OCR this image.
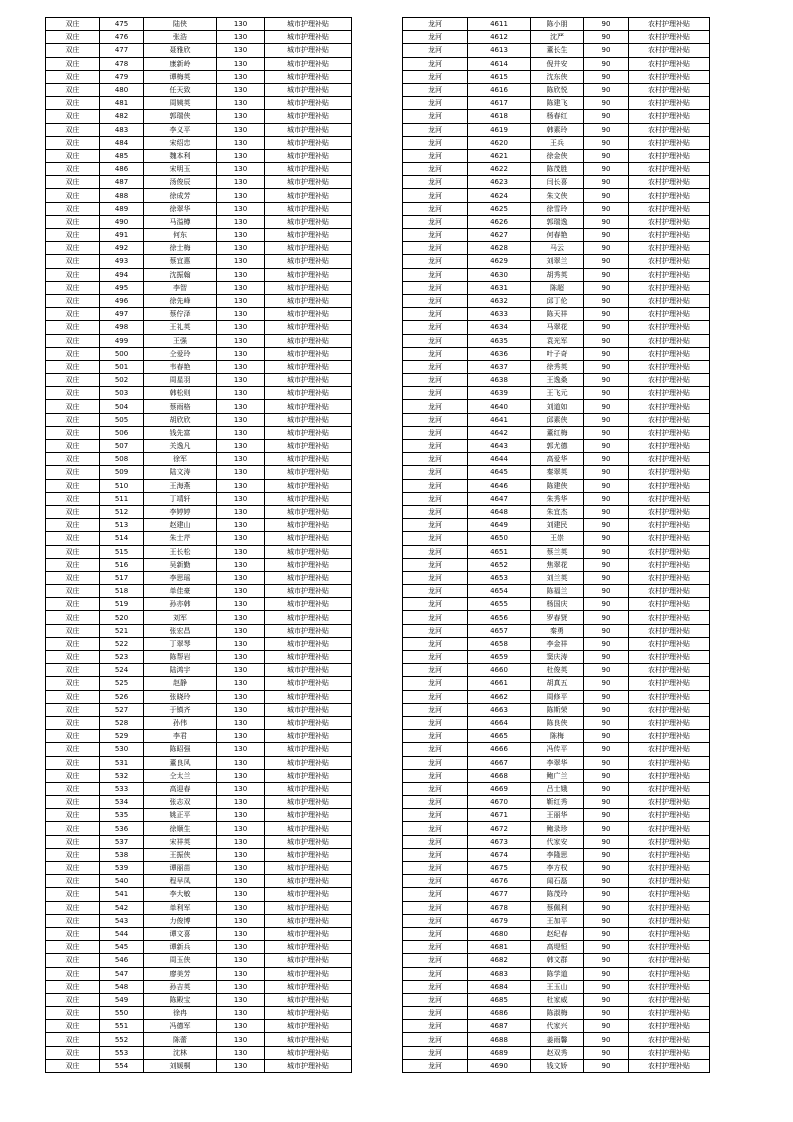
双庄	475	陆侠	130	城市护理补贴
双庄	476	张浩	130	城市护理补贴
双庄	477	聂雅欣	130	城市护理补贴
双庄	478	康新岭	130	城市护理补贴
双庄	479	谭梅英	130	城市护理补贴
双庄	480	任天致	130	城市护理补贴
双庄	481	周姨英	130	城市护理补贴
双庄	482	郭瑞侠	130	城市护理补贴
双庄	483	李义平	130	城市护理补贴
双庄	484	宋绍忠	130	城市护理补贴
双庄	485	魏本利	130	城市护理补贴
双庄	486	宋明玉	130	城市护理补贴
双庄	487	汤俊辰	130	城市护理补贴
双庄	488	徐成芳	130	城市护理补贴
双庄	489	徐翠华	130	城市护理补贴
双庄	490	马溢樽	130	城市护理补贴
双庄	491	何东	130	城市护理补贴
双庄	492	徐士梅	130	城市护理补贴
双庄	493	蔡宜惠	130	城市护理补贴
双庄	494	沈振翰	130	城市护理补贴
双庄	495	李智	130	城市护理补贴
双庄	496	徐先峰	130	城市护理补贴
双庄	497	蔡佇泽	130	城市护理补贴
双庄	498	王礼英	130	城市护理补贴
双庄	499	王强	130	城市护理补贴
双庄	500	仝爱玲	130	城市护理补贴
双庄	501	韦春艳	130	城市护理补贴
双庄	502	周星羽	130	城市护理补贴
双庄	503	韩松则	130	城市护理补贴
双庄	504	蔡雨格	130	城市护理补贴
双庄	505	胡欣欣	130	城市护理补贴
双庄	506	钱先富	130	城市护理补贴
双庄	507	关逸凡	130	城市护理补贴
双庄	508	徐军	130	城市护理补贴
双庄	509	陆文涛	130	城市护理补贴
双庄	510	王海燕	130	城市护理补贴
双庄	511	丁靖轩	130	城市护理补贴
双庄	512	李婷婷	130	城市护理补贴
双庄	513	赵建山	130	城市护理补贴
双庄	514	朱士芹	130	城市护理补贴
双庄	515	王长松	130	城市护理补贴
双庄	516	吴新勤	130	城市护理补贴
双庄	517	李思瑶	130	城市护理补贴
双庄	518	单佳豪	130	城市护理补贴
双庄	519	孙亦韩	130	城市护理补贴
双庄	520	刘军	130	城市护理补贴
双庄	521	张宏昌	130	城市护理补贴
双庄	522	丁翠琴	130	城市护理补贴
双庄	523	陈帮岩	130	城市护理补贴
双庄	524	陆鸿宇	130	城市护理补贴
双庄	525	赵静	130	城市护理补贴
双庄	526	张晓玲	130	城市护理补贴
双庄	527	于镇齐	130	城市护理补贴
双庄	528	孙伟	130	城市护理补贴
双庄	529	李君	130	城市护理补贴
双庄	530	陈昭强	130	城市护理补贴
双庄	531	董良风	130	城市护理补贴
双庄	532	仝太兰	130	城市护理补贴
双庄	533	高迎春	130	城市护理补贴
双庄	534	张志双	130	城市护理补贴
双庄	535	姚正平	130	城市护理补贴
双庄	536	徐顺生	130	城市护理补贴
双庄	537	宋祥英	130	城市护理补贴
双庄	538	王振侠	130	城市护理补贴
双庄	539	谭丽苗	130	城市护理补贴
双庄	540	程早凤	130	城市护理补贴
双庄	541	李大敏	130	城市护理补贴
双庄	542	单利军	130	城市护理补贴
双庄	543	力俊博	130	城市护理补贴
双庄	544	谭文喜	130	城市护理补贴
双庄	545	谭新兵	130	城市护理补贴
双庄	546	周玉侠	130	城市护理补贴
双庄	547	廖美芳	130	城市护理补贴
双庄	548	孙吉英	130	城市护理补贴
双庄	549	陈殿宝	130	城市护理补贴
双庄	550	徐冉	130	城市护理补贴
双庄	551	冯德军	130	城市护理补贴
双庄	552	陈蕾	130	城市护理补贴
双庄	553	沈林	130	城市护理补贴
双庄	554	刘媛桐	130	城市护理补贴
龙河	4611	陈小朋	90	农村护理补贴
龙河	4612	沈严	90	农村护理补贴
龙河	4613	董长生	90	农村护理补贴
龙河	4614	倪井安	90	农村护理补贴
龙河	4615	沈东侠	90	农村护理补贴
龙河	4616	陈欣悦	90	农村护理补贴
龙河	4617	陈建飞	90	农村护理补贴
龙河	4618	杨春红	90	农村护理补贴
龙河	4619	韩素玲	90	农村护理补贴
龙河	4620	王兵	90	农村护理补贴
龙河	4621	徐金侠	90	农村护理补贴
龙河	4622	陈茂胜	90	农村护理补贴
龙河	4623	闫长喜	90	农村护理补贴
龙河	4624	朱文侠	90	农村护理补贴
龙河	4625	徐雪玲	90	农村护理补贴
龙河	4626	郭瑞逸	90	农村护理补贴
龙河	4627	何春艳	90	农村护理补贴
龙河	4628	马云	90	农村护理补贴
龙河	4629	刘翠兰	90	农村护理补贴
龙河	4630	胡秀英	90	农村护理补贴
龙河	4631	陈超	90	农村护理补贴
龙河	4632	邱丁伦	90	农村护理补贴
龙河	4633	陈天祥	90	农村护理补贴
龙河	4634	马翠花	90	农村护理补贴
龙河	4635	袁光军	90	农村护理补贴
龙河	4636	叶子奇	90	农村护理补贴
龙河	4637	徐秀英	90	农村护理补贴
龙河	4638	王逸桑	90	农村护理补贴
龙河	4639	王飞元	90	农村护理补贴
龙河	4640	刘道如	90	农村护理补贴
龙河	4641	邱素侠	90	农村护理补贴
龙河	4642	董红梅	90	农村护理补贴
龙河	4643	郭尤德	90	农村护理补贴
龙河	4644	高爱华	90	农村护理补贴
龙河	4645	秦翠英	90	农村护理补贴
龙河	4646	陈建侠	90	农村护理补贴
龙河	4647	朱秀华	90	农村护理补贴
龙河	4648	朱宜杰	90	农村护理补贴
龙河	4649	刘建民	90	农村护理补贴
龙河	4650	王崇	90	农村护理补贴
龙河	4651	蔡兰英	90	农村护理补贴
龙河	4652	焦翠花	90	农村护理补贴
龙河	4653	刘兰英	90	农村护理补贴
龙河	4654	陈福兰	90	农村护理补贴
龙河	4655	杨国庆	90	农村护理补贴
龙河	4656	罗春贤	90	农村护理补贴
龙河	4657	秦勇	90	农村护理补贴
龙河	4658	李金祥	90	农村护理补贴
龙河	4659	窦庆涛	90	农村护理补贴
龙河	4660	杜俊英	90	农村护理补贴
龙河	4661	胡真五	90	农村护理补贴
龙河	4662	周修平	90	农村护理补贴
龙河	4663	陈斯荣	90	农村护理补贴
龙河	4664	陈良侠	90	农村护理补贴
龙河	4665	陈梅	90	农村护理补贴
龙河	4666	冯传平	90	农村护理补贴
龙河	4667	李翠华	90	农村护理补贴
龙河	4668	鲍广兰	90	农村护理补贴
龙河	4669	吕士娥	90	农村护理补贴
龙河	4670	靳红秀	90	农村护理补贴
龙河	4671	王丽华	90	农村护理补贴
龙河	4672	鲍录珍	90	农村护理补贴
龙河	4673	代家安	90	农村护理补贴
龙河	4674	李隆思	90	农村护理补贴
龙河	4675	李方权	90	农村护理补贴
龙河	4676	闻石磊	90	农村护理补贴
龙河	4677	陈茂玲	90	农村护理补贴
龙河	4678	蔡佩利	90	农村护理补贴
龙河	4679	王加平	90	农村护理补贴
龙河	4680	赵纪春	90	农村护理补贴
龙河	4681	高堤恒	90	农村护理补贴
龙河	4682	韩文群	90	农村护理补贴
龙河	4683	陈学道	90	农村护理补贴
龙河	4684	王玉山	90	农村护理补贴
龙河	4685	杜家威	90	农村护理补贴
龙河	4686	陈淑梅	90	农村护理补贴
龙河	4687	代家兴	90	农村护理补贴
龙河	4688	姜雨馨	90	农村护理补贴
龙河	4689	赵双秀	90	农村护理补贴
龙河	4690	钱文娇	90	农村护理补贴
